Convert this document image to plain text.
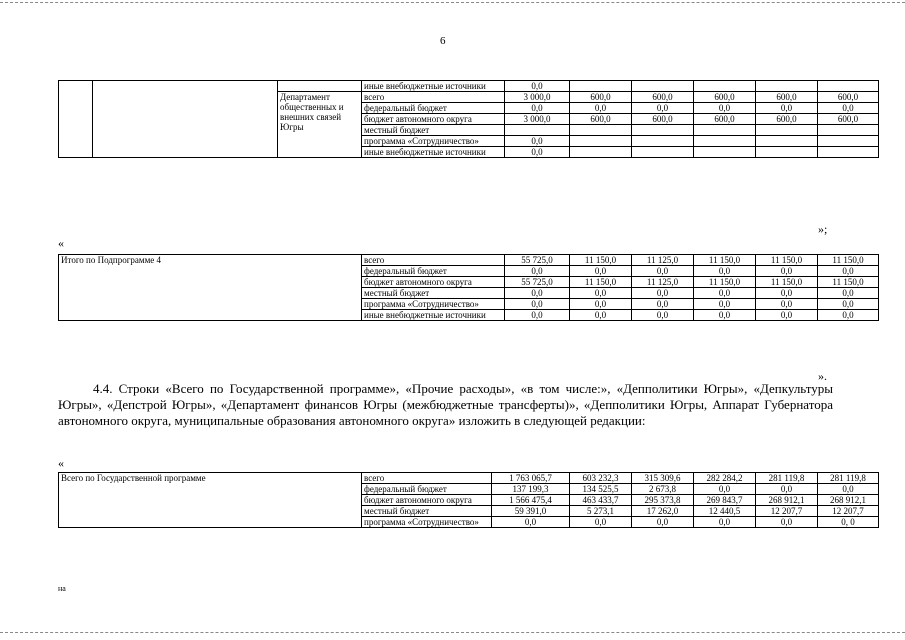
6
			иные внебюджетные источники	0,0					
		Департамент общественных и внешних связей Югры	всего	3 000,0	600,0	600,0	600,0	600,0	600,0
			федеральный бюджет	0,0	0,0	0,0	0,0	0,0	0,0
			бюджет автономного округа	3 000,0	600,0	600,0	600,0	600,0	600,0
			местный бюджет						
			программа «Сотрудничество»	0,0					
			иные внебюджетные источники	0,0					
»;
«
Итого по Подпрограмме 4	всего	55 725,0	11 150,0	11 125,0	11 150,0	11 150,0	11 150,0
	федеральный бюджет	0,0	0,0	0,0	0,0	0,0	0,0
	бюджет автономного округа	55 725,0	11 150,0	11 125,0	11 150,0	11 150,0	11 150,0
	местный бюджет	0,0	0,0	0,0	0,0	0,0	0,0
	программа «Сотрудничество»	0,0	0,0	0,0	0,0	0,0	0,0
	иные внебюджетные источники	0,0	0,0	0,0	0,0	0,0	0,0
».
4.4. Строки «Всего по Государственной программе», «Прочие расходы», «в том числе:», «Депполитики Югры», «Депкультуры Югры», «Депстрой Югры», «Департамент финансов Югры (межбюджетные трансферты)», «Депполитики Югры, Аппарат Губернатора автономного округа, муниципальные образования автономного округа» изложить в следующей редакции:
«
Всего по Государственной программе	всего	1 763 065,7	603 232,3	315 309,6	282 284,2	281 119,8	281 119,8
	федеральный бюджет	137 199,3	134 525,5	2 673,8	0,0	0,0	0,0
	бюджет автономного округа	1 566 475,4	463 433,7	295 373,8	269 843,7	268 912,1	268 912,1
	местный бюджет	59 391,0	5 273,1	17 262,0	12 440,5	12 207,7	12 207,7
	программа «Сотрудничество»	0,0	0,0	0,0	0,0	0,0	0, 0
на
